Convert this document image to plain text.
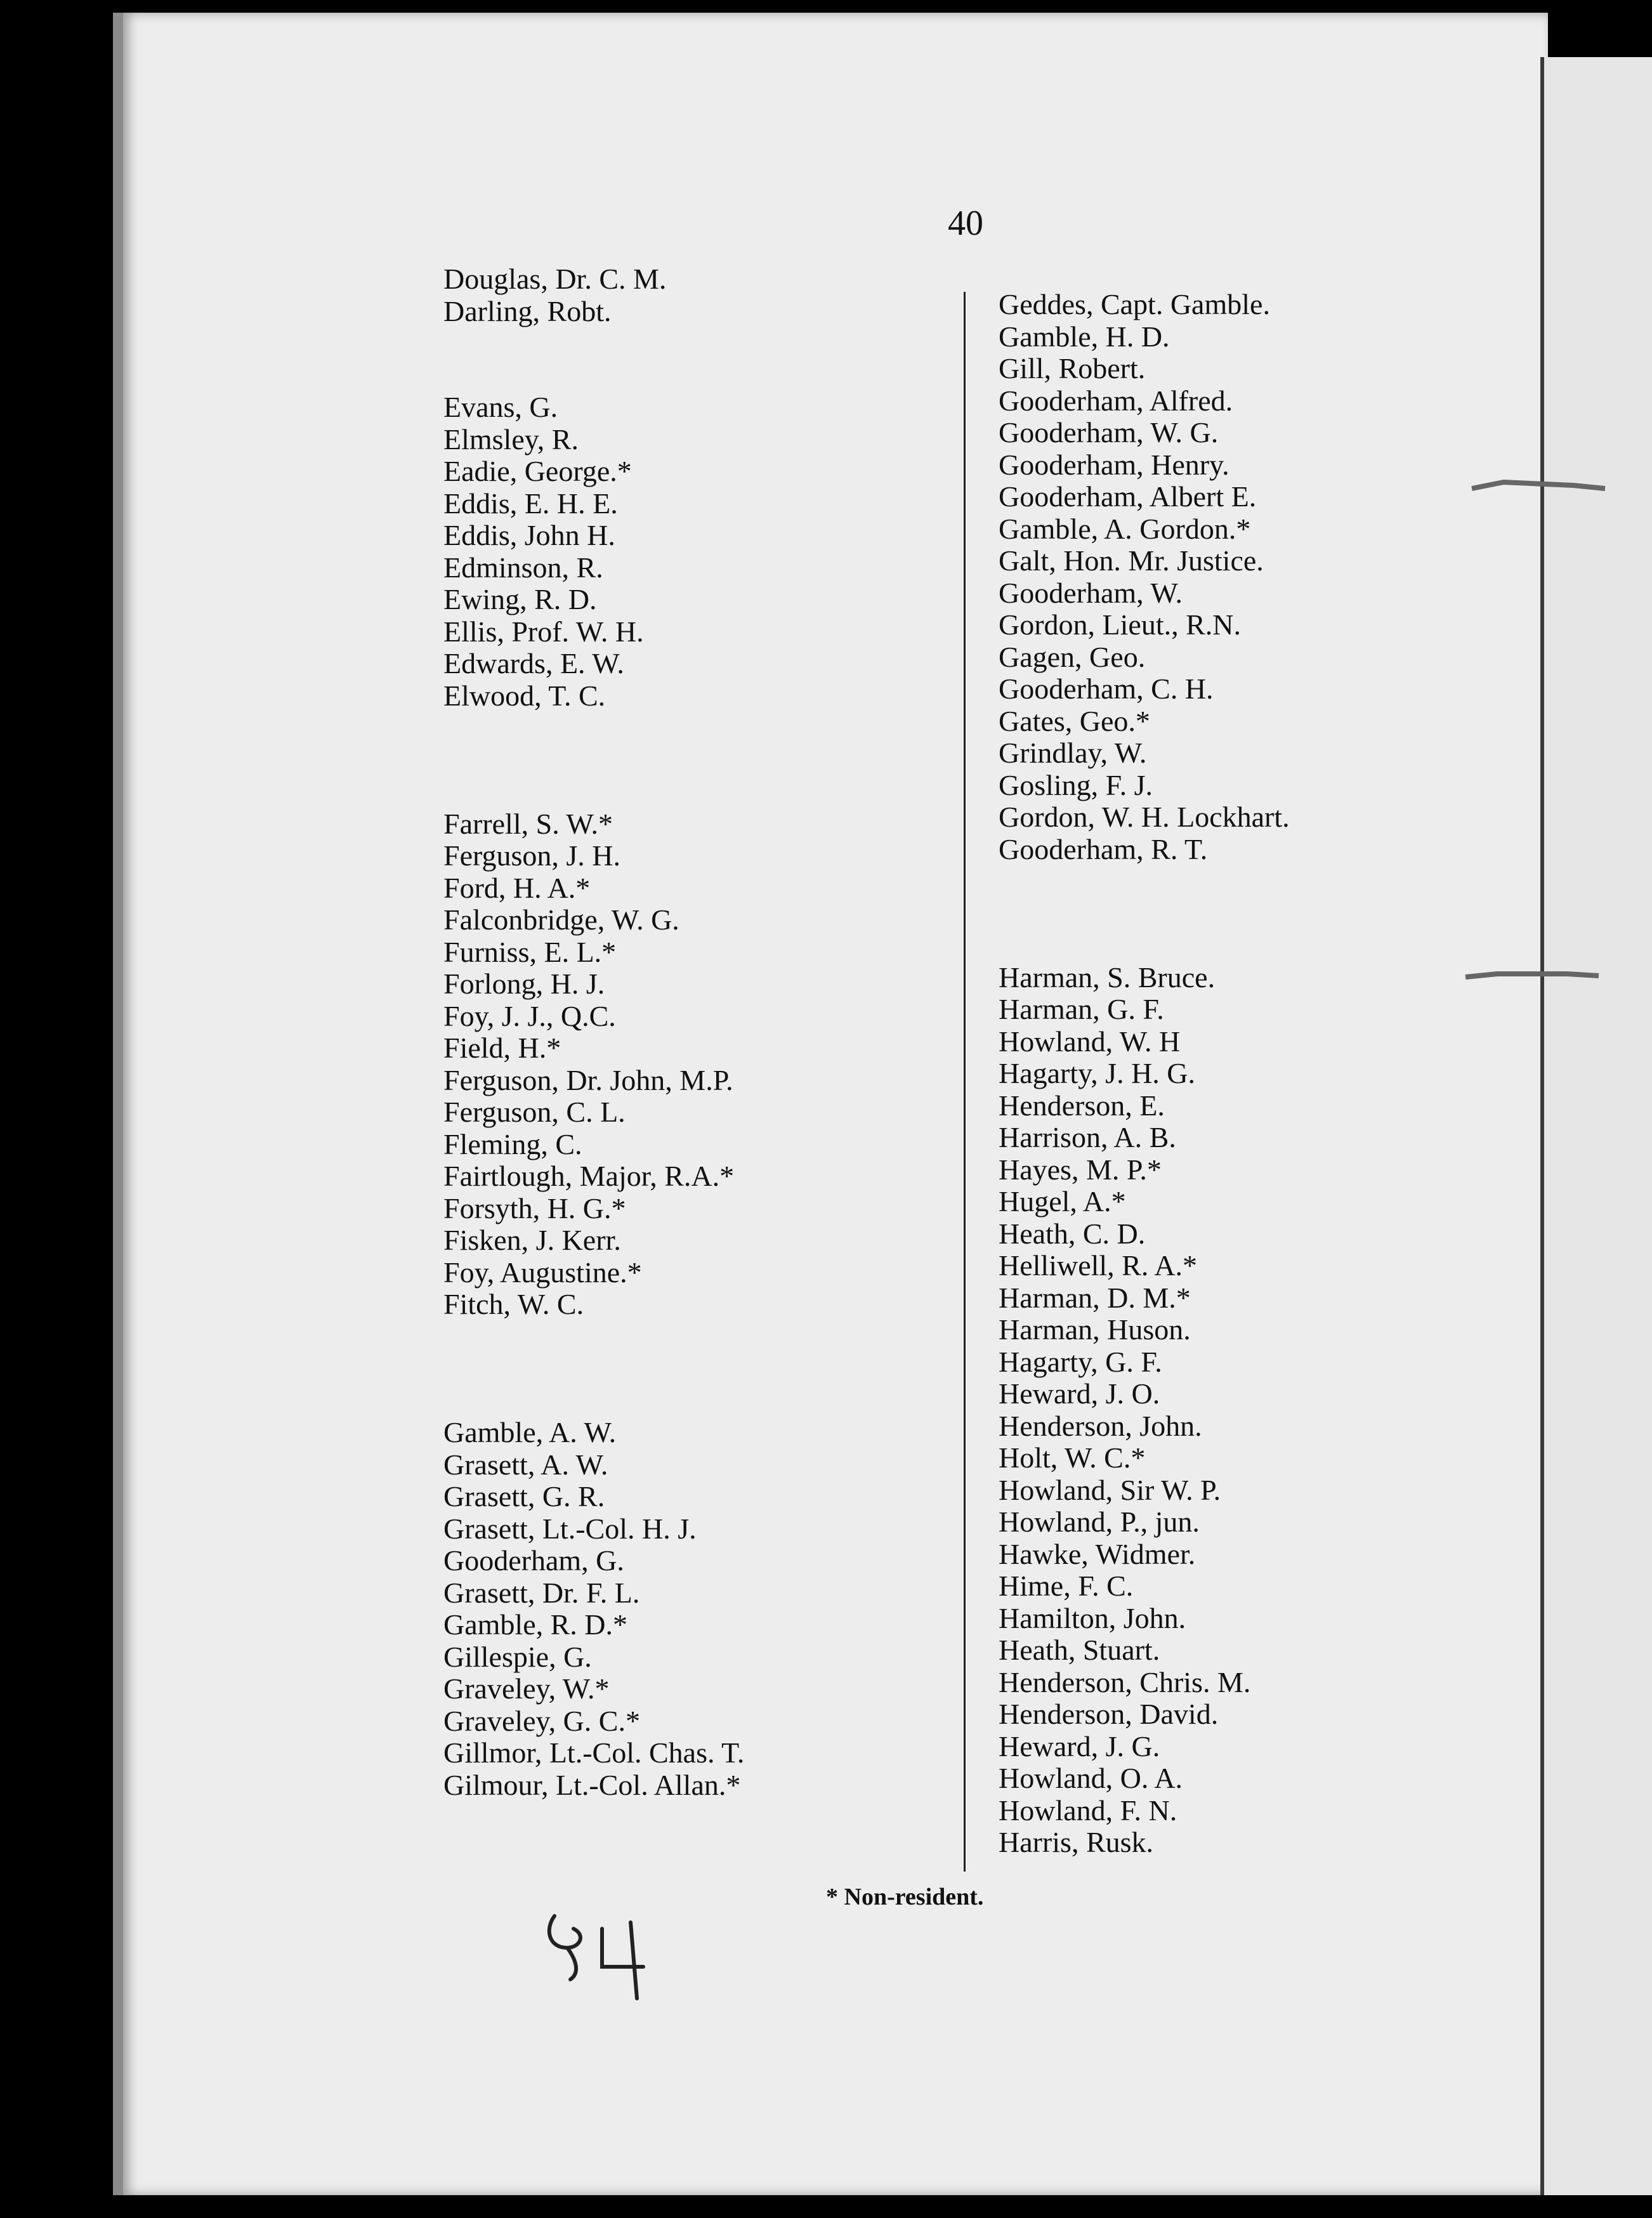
40
Douglas, Dr. C. M.
Darling, Robt.
Evans, G.
Elmsley, R.
Eadie, George.*
Eddis, E. H. E.
Eddis, John H.
Edminson, R.
Ewing, R. D.
Ellis, Prof. W. H.
Edwards, E. W.
Elwood, T. C.
Farrell, S. W.*
Ferguson, J. H.
Ford, H. A.*
Falconbridge, W. G.
Furniss, E. L.*
Forlong, H. J.
Foy, J. J., Q.C.
Field, H.*
Ferguson, Dr. John, M.P.
Ferguson, C. L.
Fleming, C.
Fairtlough, Major, R.A.*
Forsyth, H. G.*
Fisken, J. Kerr.
Foy, Augustine.*
Fitch, W. C.
Gamble, A. W.
Grasett, A. W.
Grasett, G. R.
Grasett, Lt.-Col. H. J.
Gooderham, G.
Grasett, Dr. F. L.
Gamble, R. D.*
Gillespie, G.
Graveley, W.*
Graveley, G. C.*
Gillmor, Lt.-Col. Chas. T.
Gilmour, Lt.-Col. Allan.*
Geddes, Capt. Gamble.
Gamble, H. D.
Gill, Robert.
Gooderham, Alfred.
Gooderham, W. G.
Gooderham, Henry.
Gooderham, Albert E.
Gamble, A. Gordon.*
Galt, Hon. Mr. Justice.
Gooderham, W.
Gordon, Lieut., R.N.
Gagen, Geo.
Gooderham, C. H.
Gates, Geo.*
Grindlay, W.
Gosling, F. J.
Gordon, W. H. Lockhart.
Gooderham, R. T.
Harman, S. Bruce.
Harman, G. F.
Howland, W. H
Hagarty, J. H. G.
Henderson, E.
Harrison, A. B.
Hayes, M. P.*
Hugel, A.*
Heath, C. D.
Helliwell, R. A.*
Harman, D. M.*
Harman, Huson.
Hagarty, G. F.
Heward, J. O.
Henderson, John.
Holt, W. C.*
Howland, Sir W. P.
Howland, P., jun.
Hawke, Widmer.
Hime, F. C.
Hamilton, John.
Heath, Stuart.
Henderson, Chris. M.
Henderson, David.
Heward, J. G.
Howland, O. A.
Howland, F. N.
Harris, Rusk.
* Non-resident.
